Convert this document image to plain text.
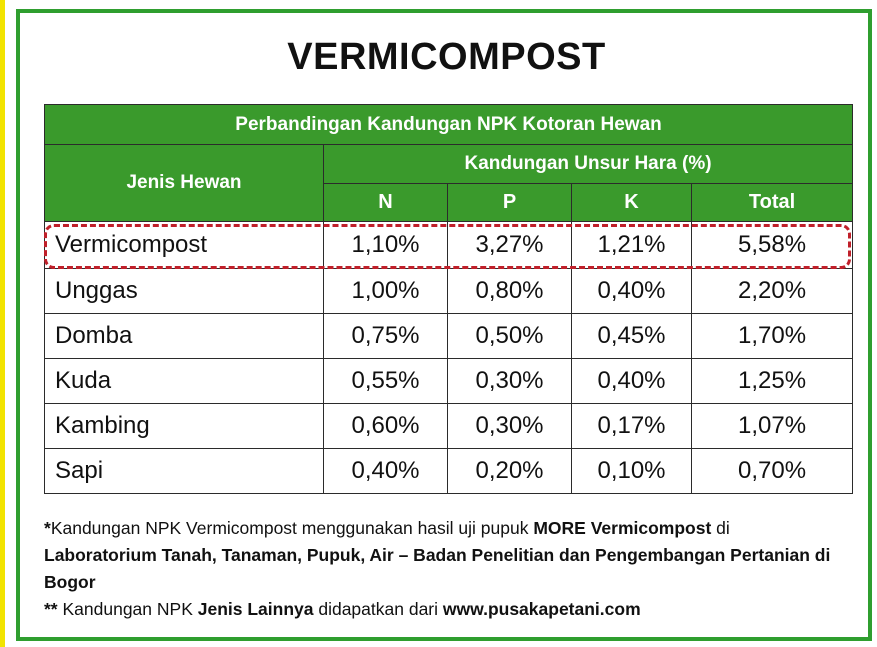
VERMICOMPOST
Perbandingan Kandungan NPK Kotoran Hewan				
Jenis Hewan	Kandungan Unsur Hara (%)			
	N	P	K	Total
Vermicompost	1,10%	3,27%	1,21%	5,58%
Unggas	1,00%	0,80%	0,40%	2,20%
Domba	0,75%	0,50%	0,45%	1,70%
Kuda	0,55%	0,30%	0,40%	1,25%
Kambing	0,60%	0,30%	0,17%	1,07%
Sapi	0,40%	0,20%	0,10%	0,70%

*Kandungan NPK Vermicompost menggunakan hasil uji pupuk MORE Vermicompost di Laboratorium Tanah, Tanaman, Pupuk, Air – Badan Penelitian dan Pengembangan Pertanian di Bogor

** Kandungan NPK Jenis Lainnya didapatkan dari www.pusakapetani.com
